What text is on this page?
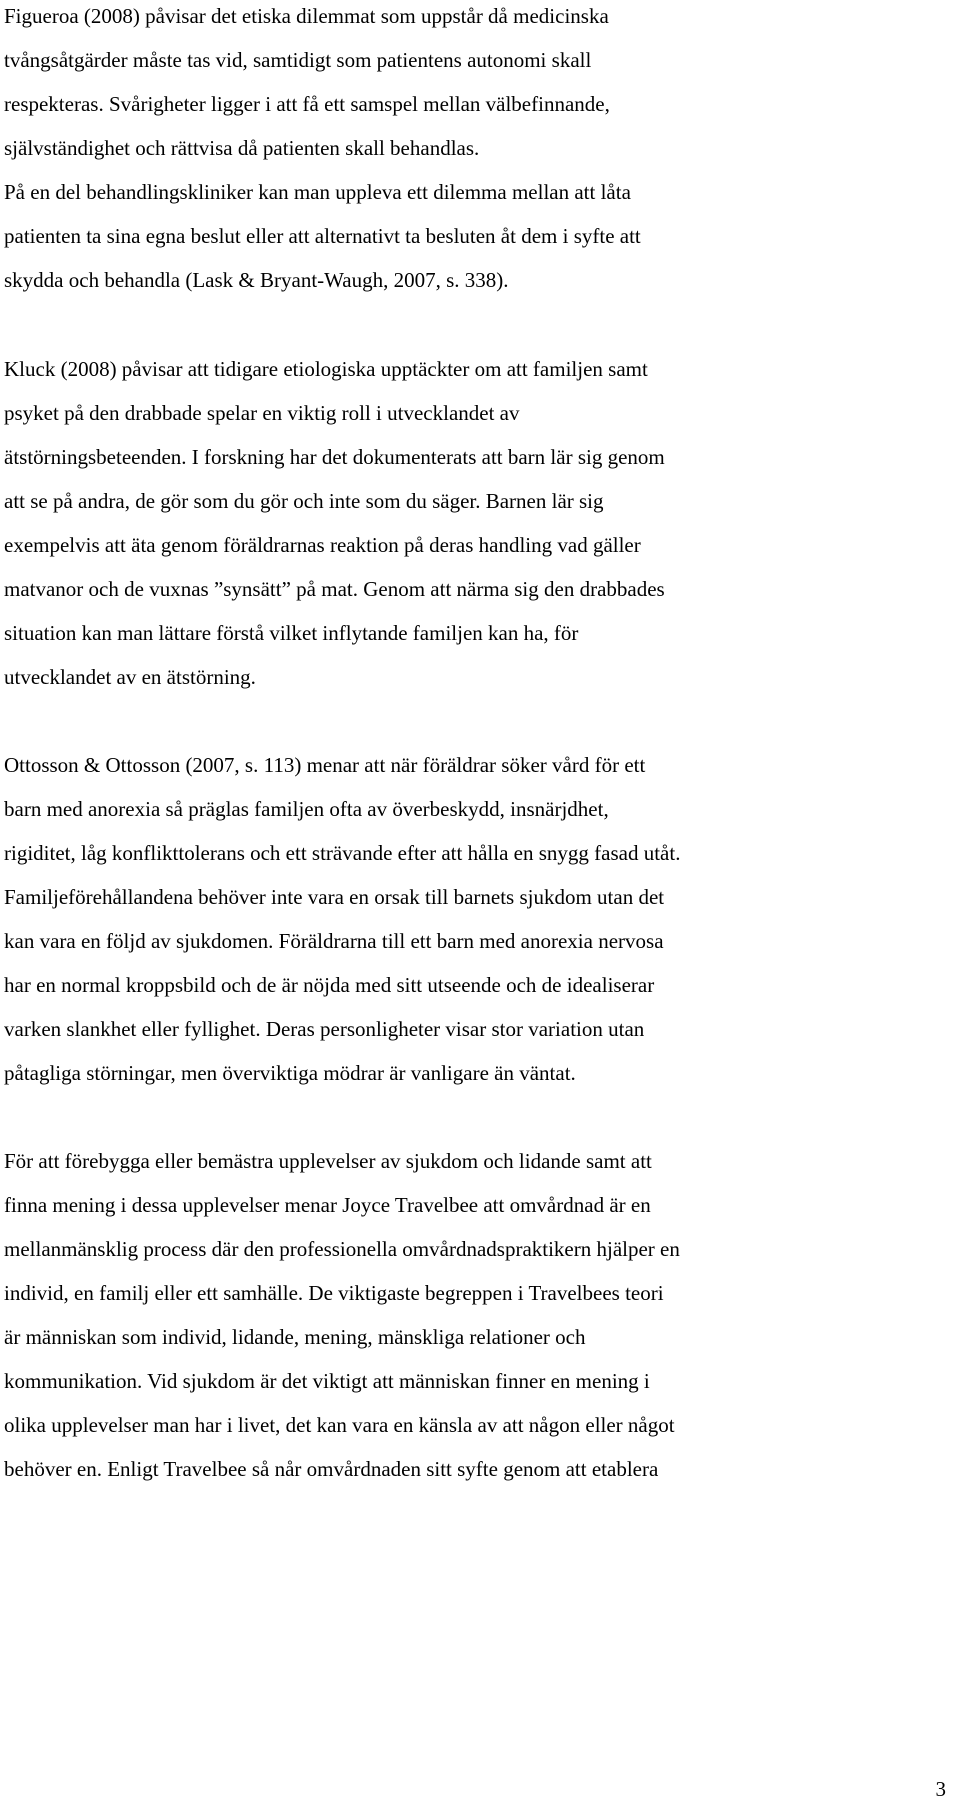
Figueroa (2008) påvisar det etiska dilemmat som uppstår då medicinska
tvångsåtgärder måste tas vid, samtidigt som patientens autonomi skall
respekteras. Svårigheter ligger i att få ett samspel mellan välbefinnande,
självständighet och rättvisa då patienten skall behandlas.
På en del behandlingskliniker kan man uppleva ett dilemma mellan att låta
patienten ta sina egna beslut eller att alternativt ta besluten åt dem i syfte att
skydda och behandla (Lask & Bryant-Waugh, 2007, s. 338).
Kluck (2008) påvisar att tidigare etiologiska upptäckter om att familjen samt
psyket på den drabbade spelar en viktig roll i utvecklandet av
ätstörningsbeteenden. I forskning har det dokumenterats att barn lär sig genom
att se på andra, de gör som du gör och inte som du säger. Barnen lär sig
exempelvis att äta genom föräldrarnas reaktion på deras handling vad gäller
matvanor och de vuxnas ”synsätt” på mat. Genom att närma sig den drabbades
situation kan man lättare förstå vilket inflytande familjen kan ha, för
utvecklandet av en ätstörning.
Ottosson & Ottosson (2007, s. 113) menar att när föräldrar söker vård för ett
barn med anorexia så präglas familjen ofta av överbeskydd, insnärjdhet,
rigiditet, låg konflikttolerans och ett strävande efter att hålla en snygg fasad utåt.
Familjeförehållandena behöver inte vara en orsak till barnets sjukdom utan det
kan vara en följd av sjukdomen. Föräldrarna till ett barn med anorexia nervosa
har en normal kroppsbild och de är nöjda med sitt utseende och de idealiserar
varken slankhet eller fyllighet. Deras personligheter visar stor variation utan
påtagliga störningar, men överviktiga mödrar är vanligare än väntat.
För att förebygga eller bemästra upplevelser av sjukdom och lidande samt att
finna mening i dessa upplevelser menar Joyce Travelbee att omvårdnad är en
mellanmänsklig process där den professionella omvårdnadspraktikern hjälper en
individ, en familj eller ett samhälle. De viktigaste begreppen i Travelbees teori
är människan som individ, lidande, mening, mänskliga relationer och
kommunikation. Vid sjukdom är det viktigt att människan finner en mening i
olika upplevelser man har i livet, det kan vara en känsla av att någon eller något
behöver en. Enligt Travelbee så når omvårdnaden sitt syfte genom att etablera
3
